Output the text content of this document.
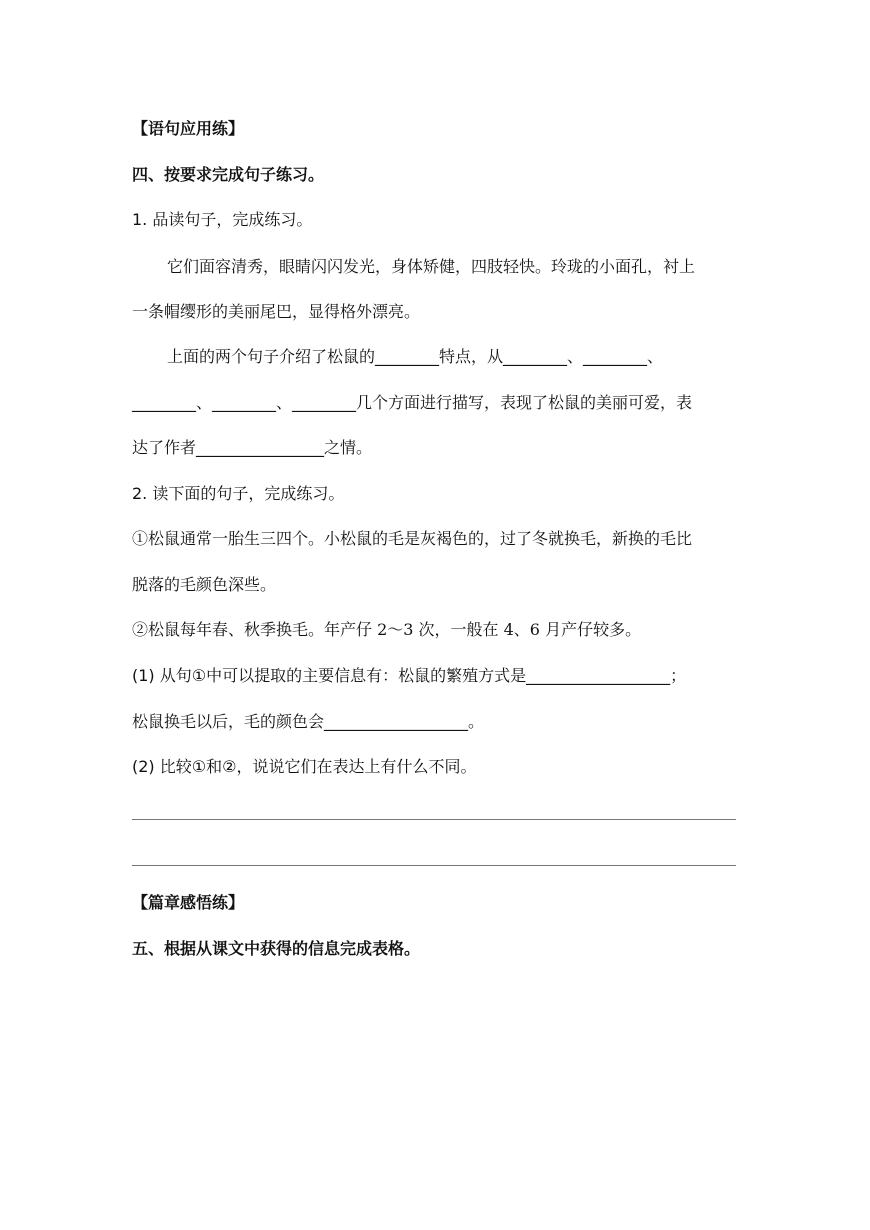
【语句应用练】
四、按要求完成句子练习。
1. 品读句子，完成练习。
它们面容清秀，眼睛闪闪发光，身体矫健，四肢轻快。玲珑的小面孔，衬上
一条帽缨形的美丽尾巴，显得格外漂亮。
上面的两个句子介绍了松鼠的________特点，从________、________、
________、________、________几个方面进行描写，表现了松鼠的美丽可爱，表
达了作者________________之情。
2. 读下面的句子，完成练习。
①松鼠通常一胎生三四个。小松鼠的毛是灰褐色的，过了冬就换毛，新换的毛比
脱落的毛颜色深些。
②松鼠每年春、秋季换毛。年产仔 2～3 次，一般在 4、6 月产仔较多。
(1) 从句①中可以提取的主要信息有：松鼠的繁殖方式是__________________；
松鼠换毛以后，毛的颜色会__________________。
(2) 比较①和②，说说它们在表达上有什么不同。
【篇章感悟练】
五、根据从课文中获得的信息完成表格。
